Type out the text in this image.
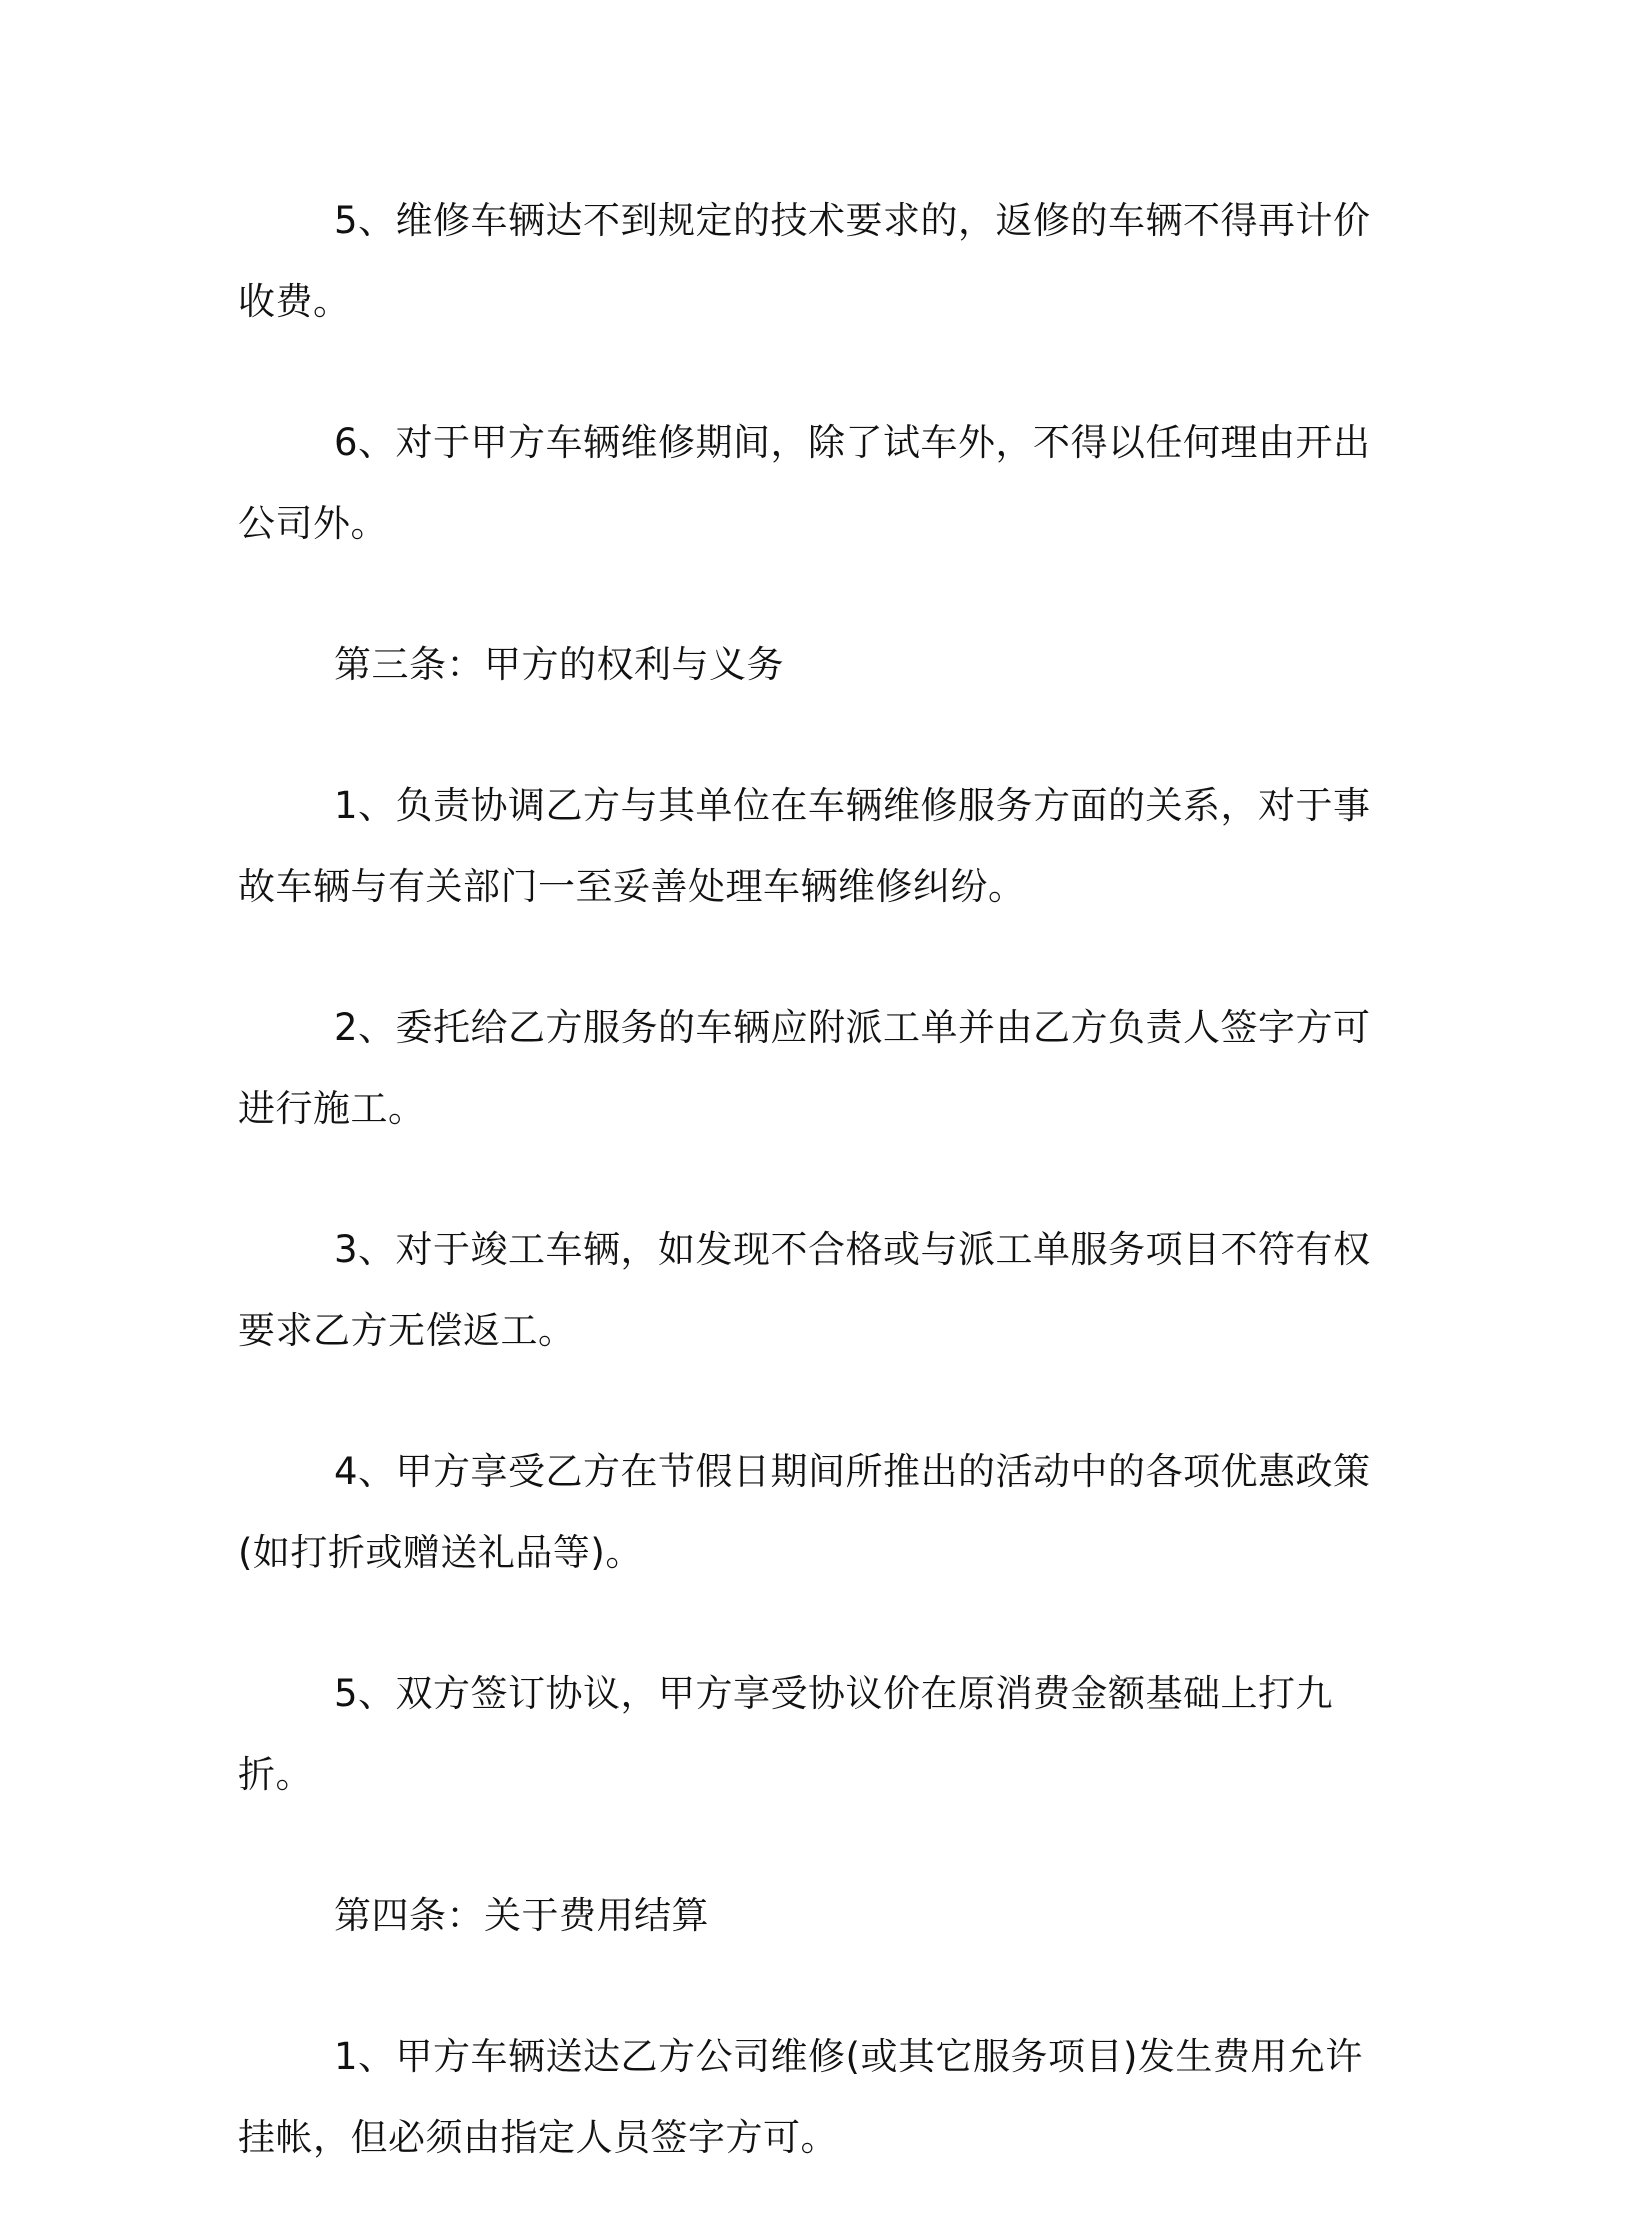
5、维修车辆达不到规定的技术要求的，返修的车辆不得再计价收费。

6、对于甲方车辆维修期间，除了试车外，不得以任何理由开出公司外。

第三条：甲方的权利与义务

1、负责协调乙方与其单位在车辆维修服务方面的关系，对于事故车辆与有关部门一至妥善处理车辆维修纠纷。

2、委托给乙方服务的车辆应附派工单并由乙方负责人签字方可进行施工。

3、对于竣工车辆，如发现不合格或与派工单服务项目不符有权要求乙方无偿返工。

4、甲方享受乙方在节假日期间所推出的活动中的各项优惠政策(如打折或赠送礼品等)。

5、双方签订协议，甲方享受协议价在原消费金额基础上打九折。

第四条：关于费用结算

1、甲方车辆送达乙方公司维修(或其它服务项目)发生费用允许挂帐，但必须由指定人员签字方可。
